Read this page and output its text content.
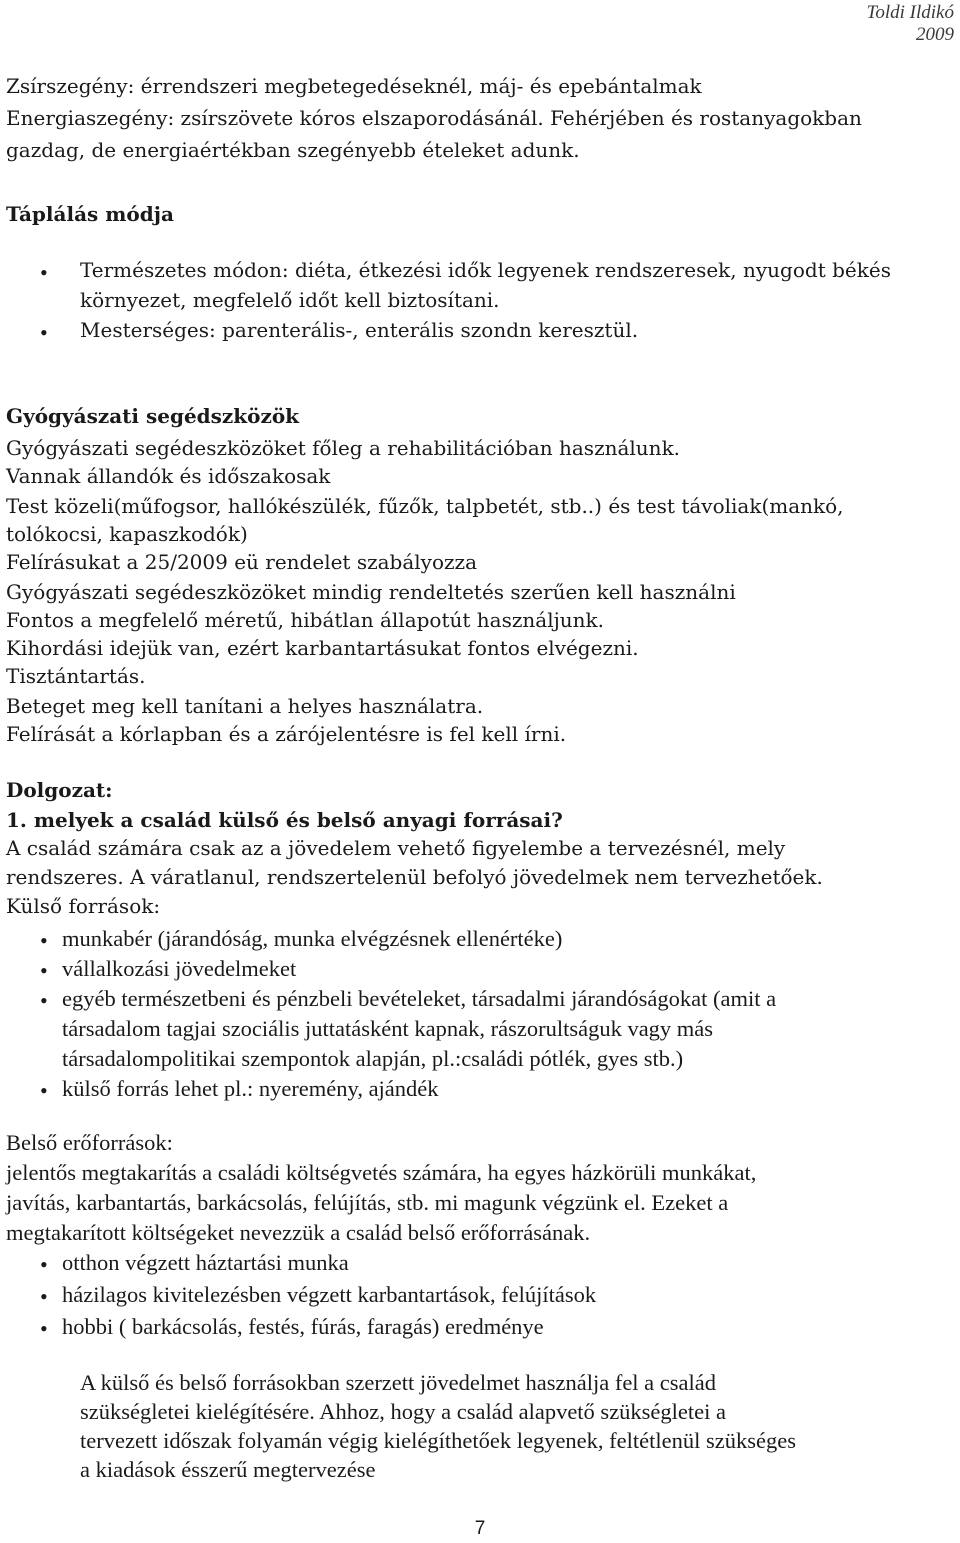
Toldi Ildikó
2009
Zsírszegény: érrendszeri megbetegedéseknél, máj- és epebántalmak
Energiaszegény: zsírszövete kóros elszaporodásánál. Fehérjében és rostanyagokban
gazdag, de energiaértékban szegényebb ételeket adunk.
Táplálás módja
• Természetes módon: diéta, étkezési idők legyenek rendszeresek, nyugodt békés
környezet, megfelelő időt kell biztosítani.
• Mesterséges: parenterális-, enterális szondn keresztül.
Gyógyászati segédszközök
Gyógyászati segédeszközöket főleg a rehabilitációban használunk.
Vannak állandók és időszakosak
Test közeli(műfogsor, hallókészülék, fűzők, talpbetét, stb..) és test távoliak(mankó,
tolókocsi, kapaszkodók)
Felírásukat a 25/2009 eü rendelet szabályozza
Gyógyászati segédeszközöket mindig rendeltetés szerűen kell használni
Fontos a megfelelő méretű, hibátlan állapotút használjunk.
Kihordási idejük van, ezért karbantartásukat fontos elvégezni.
Tisztántartás.
Beteget meg kell tanítani a helyes használatra.
Felírását a kórlapban és a zárójelentésre is fel kell írni.
Dolgozat:
1. melyek a család külső és belső anyagi forrásai?
A család számára csak az a jövedelem vehető figyelembe a tervezésnél, mely
rendszeres. A váratlanul, rendszertelenül befolyó jövedelmek nem tervezhetőek.
Külső források:
• munkabér (járandóság, munka elvégzésnek ellenértéke)
• vállalkozási jövedelmeket
• egyéb természetbeni és pénzbeli bevételeket, társadalmi járandóságokat (amit a
társadalom tagjai szociális juttatásként kapnak, rászorultságuk vagy más
társadalompolitikai szempontok alapján, pl.:családi pótlék, gyes stb.)
• külső forrás lehet pl.: nyeremény, ajándék
Belső erőforrások:
jelentős megtakarítás a családi költségvetés számára, ha egyes házkörüli munkákat,
javítás, karbantartás, barkácsolás, felújítás, stb. mi magunk végzünk el. Ezeket a
megtakarított költségeket nevezzük a család belső erőforrásának.
• otthon végzett háztartási munka
• házilagos kivitelezésben végzett karbantartások, felújítások
• hobbi ( barkácsolás, festés, fúrás, faragás) eredménye
A külső és belső forrásokban szerzett jövedelmet használja fel a család
szükségletei kielégítésére. Ahhoz, hogy a család alapvető szükségletei a
tervezett időszak folyamán végig kielégíthetőek legyenek, feltétlenül szükséges
a kiadások ésszerű megtervezése
7
